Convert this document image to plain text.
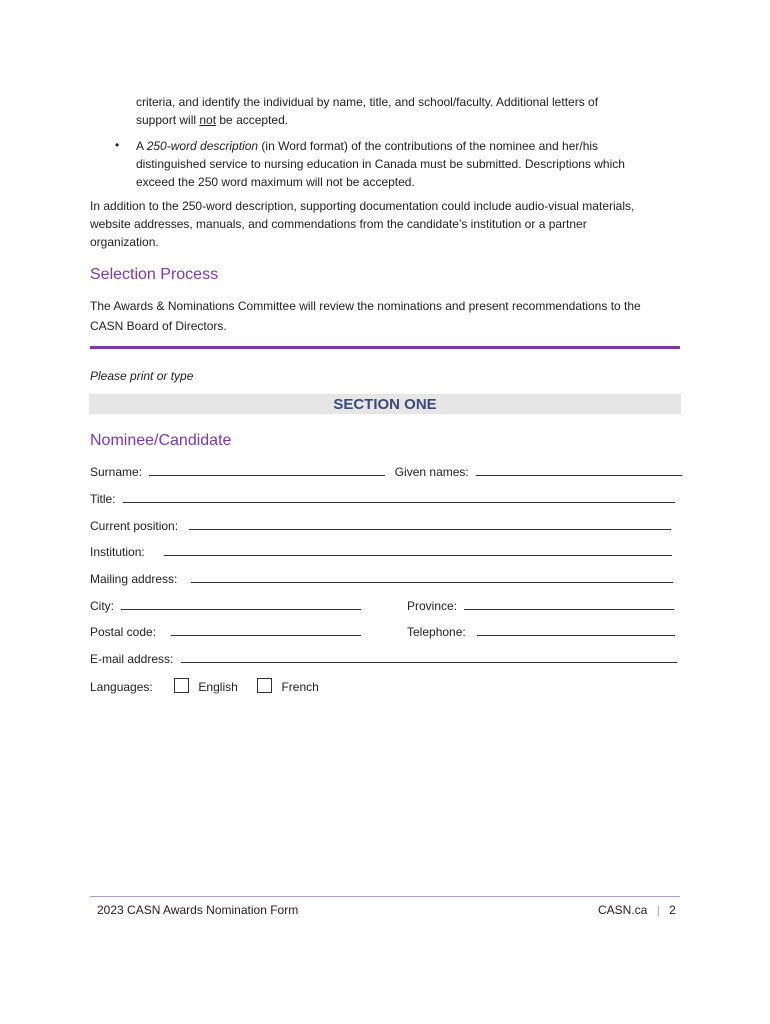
criteria, and identify the individual by name, title, and school/faculty. Additional letters of
support will not be accepted.
• A 250-word description (in Word format) of the contributions of the nominee and her/his
distinguished service to nursing education in Canada must be submitted. Descriptions which
exceed the 250 word maximum will not be accepted.
In addition to the 250-word description, supporting documentation could include audio-visual materials,
website addresses, manuals, and commendations from the candidate’s institution or a partner
organization.
Selection Process
The Awards & Nominations Committee will review the nominations and present recommendations to the
CASN Board of Directors.
Please print or type
SECTION ONE
Nominee/Candidate
Surname:	Given names:
Title:
Current position:
Institution:
Mailing address:
City:	Province:
Postal code:	Telephone:
E-mail address:
Languages:	English	French
2023 CASN Awards Nomination Form	CASN.ca | 2
